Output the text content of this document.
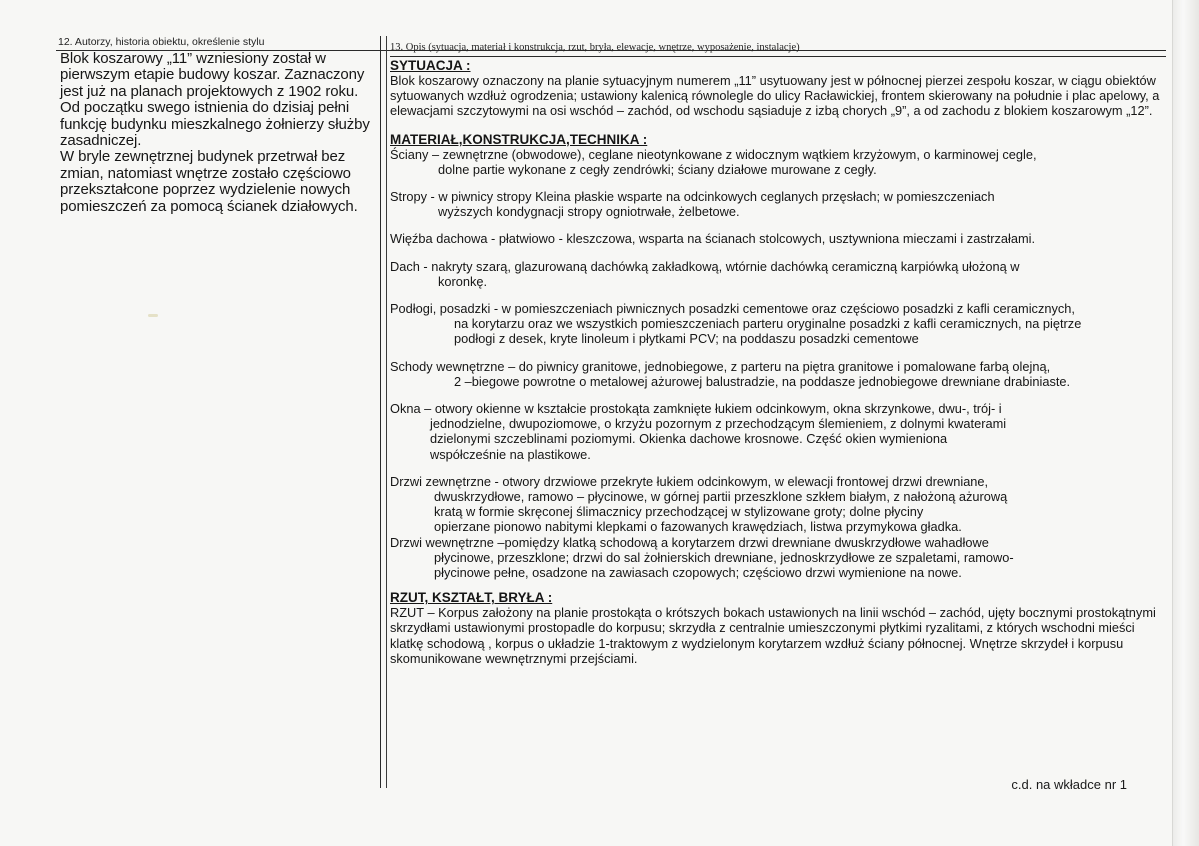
12. Autorzy, historia obiektu, określenie stylu

Blok koszarowy „11” wzniesiony został w pierwszym etapie budowy koszar. Zaznaczony jest już na planach projektowych z 1902 roku. Od początku swego istnienia do dzisiaj pełni funkcję budynku mieszkalnego żołnierzy służby zasadniczej.

W bryle zewnętrznej budynek przetrwał bez zmian, natomiast wnętrze zostało częściowo przekształcone poprzez wydzielenie nowych pomieszczeń za pomocą ścianek działowych.

13. Opis (sytuacja, materiał i konstrukcja, rzut, bryła, elewacje, wnętrze, wyposażenie, instalacje)

SYTUACJA :

Blok koszarowy oznaczony na planie sytuacyjnym numerem „11” usytuowany jest w północnej pierzei zespołu koszar, w ciągu obiektów sytuowanych wzdłuż ogrodzenia; ustawiony kalenicą równolegle do ulicy Racławickiej, frontem skierowany na południe i plac apelowy, a elewacjami szczytowymi na osi wschód – zachód, od wschodu sąsiaduje z izbą chorych „9”, a od zachodu z blokiem koszarowym „12”.

MATERIAŁ,KONSTRUKCJA,TECHNIKA :

Ściany – zewnętrzne (obwodowe), ceglane nieotynkowane z widocznym wątkiem krzyżowym, o karminowej cegle,
dolne partie wykonane z cegły zendrówki; ściany działowe murowane z cegły.

Stropy - w piwnicy stropy Kleina płaskie wsparte na odcinkowych ceglanych przęsłach; w pomieszczeniach
wyższych kondygnacji stropy ogniotrwałe, żelbetowe.

Więźba dachowa - płatwiowo - kleszczowa, wsparta na ścianach stolcowych, usztywniona mieczami i zastrzałami.

Dach - nakryty szarą, glazurowaną dachówką zakładkową, wtórnie dachówką ceramiczną karpiówką ułożoną w
koronkę.

Podłogi, posadzki - w pomieszczeniach piwnicznych posadzki cementowe oraz częściowo posadzki z kafli ceramicznych,
na korytarzu oraz we wszystkich pomieszczeniach parteru oryginalne posadzki z kafli ceramicznych, na piętrze
podłogi z desek, kryte linoleum i płytkami PCV; na poddaszu posadzki cementowe

Schody wewnętrzne – do piwnicy granitowe, jednobiegowe, z parteru na piętra granitowe i pomalowane farbą olejną,
2 –biegowe powrotne o metalowej ażurowej balustradzie, na poddasze jednobiegowe drewniane drabiniaste.

Okna – otwory okienne w kształcie prostokąta zamknięte łukiem odcinkowym, okna skrzynkowe, dwu-, trój- i
jednodzielne, dwupoziomowe, o krzyżu pozornym z przechodzącym ślemieniem, z dolnymi kwaterami
dzielonymi szczeblinami poziomymi. Okienka dachowe krosnowe. Część okien wymieniona
współcześnie na plastikowe.

Drzwi zewnętrzne - otwory drzwiowe przekryte łukiem odcinkowym, w elewacji frontowej drzwi drewniane,
dwuskrzydłowe, ramowo – płycinowe, w górnej partii przeszklone szkłem białym, z nałożoną ażurową
kratą w formie skręconej ślimacznicy przechodzącej w stylizowane groty; dolne płyciny
opierzane pionowo nabitymi klepkami o fazowanych krawędziach, listwa przymykowa gładka.

Drzwi wewnętrzne –pomiędzy klatką schodową a korytarzem drzwi drewniane dwuskrzydłowe wahadłowe
płycinowe, przeszklone; drzwi do sal żołnierskich drewniane, jednoskrzydłowe ze szpaletami, ramowo-
płycinowe pełne, osadzone na zawiasach czopowych; częściowo drzwi wymienione na nowe.

RZUT, KSZTAŁT, BRYŁA :

RZUT – Korpus założony na planie prostokąta o krótszych bokach ustawionych na linii wschód – zachód, ujęty bocznymi prostokątnymi skrzydłami ustawionymi prostopadle do korpusu; skrzydła z centralnie umieszczonymi płytkimi ryzalitami, z których wschodni mieści klatkę schodową , korpus o układzie 1-traktowym z wydzielonym korytarzem wzdłuż ściany północnej. Wnętrze skrzydeł i korpusu skomunikowane wewnętrznymi przejściami.

c.d. na wkładce nr 1
